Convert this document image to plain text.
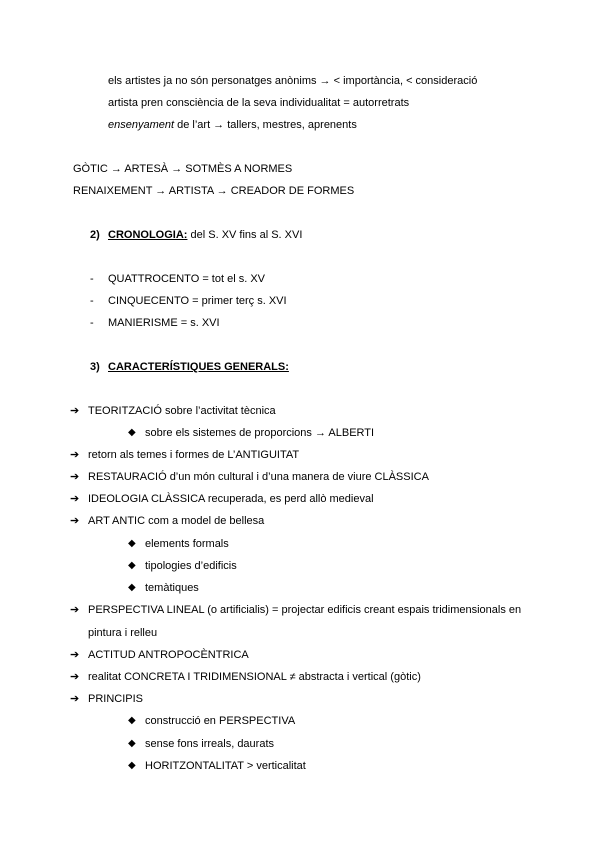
els artistes ja no són personatges anònims → < importància, < consideració
artista pren consciència de la seva individualitat = autorretrats
ensenyament de l’art → tallers, mestres, aprenents
GÒTIC → ARTESÀ → SOTMÈS A NORMES
RENAIXEMENT → ARTISTA → CREADOR DE FORMES
2) CRONOLOGIA: del S. XV fins al S. XVI
- QUATTROCENTO = tot el s. XV
- CINQUECENTO = primer terç s. XVI
- MANIERISME = s. XVI
3) CARACTERÍSTIQUES GENERALS:
➔ TEORITZACIÓ sobre l’activitat tècnica
◆ sobre els sistemes de proporcions → ALBERTI
➔ retorn als temes i formes de L’ANTIGUITAT
➔ RESTAURACIÓ d’un món cultural i d’una manera de viure CLÀSSICA
➔ IDEOLOGIA CLÀSSICA recuperada, es perd allò medieval
➔ ART ANTIC com a model de bellesa
◆ elements formals
◆ tipologies d’edificis
◆ temàtiques
➔ PERSPECTIVA LINEAL (o artificialis) = projectar edificis creant espais tridimensionals en
pintura i relleu
➔ ACTITUD ANTROPOCÈNTRICA
➔ realitat CONCRETA I TRIDIMENSIONAL ≠ abstracta i vertical (gòtic)
➔ PRINCIPIS
◆ construcció en PERSPECTIVA
◆ sense fons irreals, daurats
◆ HORITZONTALITAT > verticalitat
